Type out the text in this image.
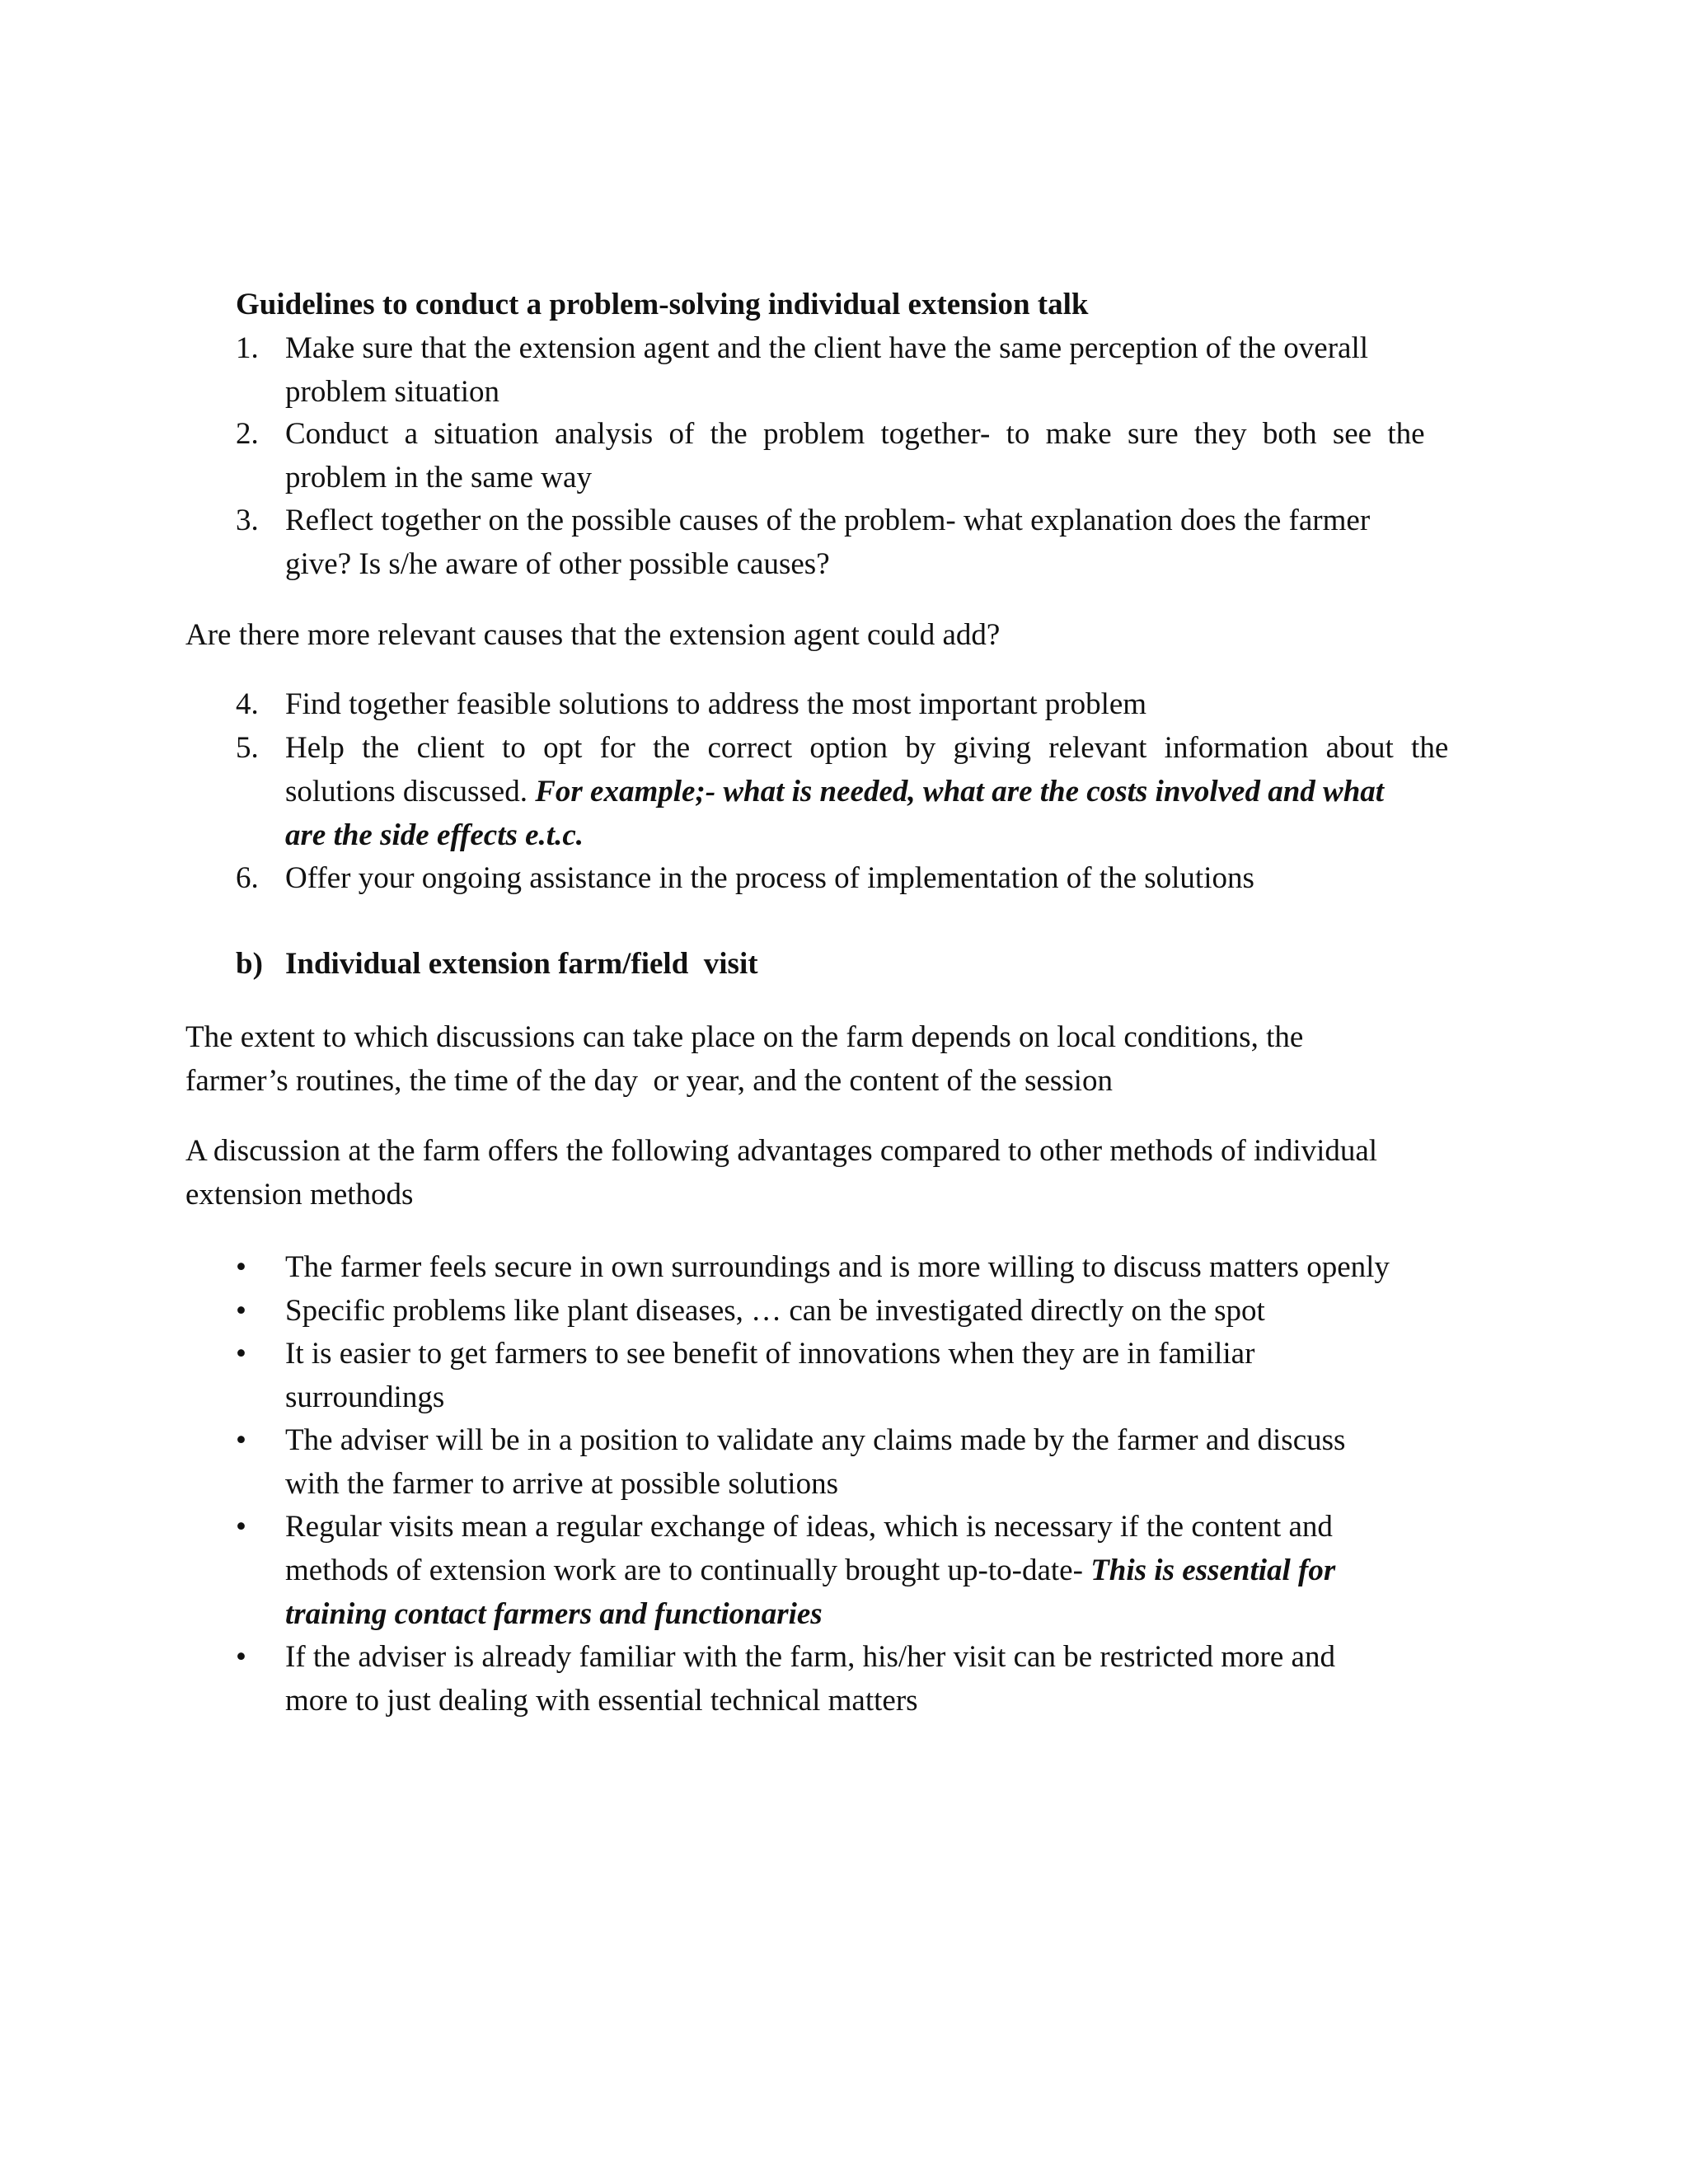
Guidelines to conduct a problem-solving individual extension talk
1. Make sure that the extension agent and the client have the same perception of the overall
problem situation
2. Conduct a situation analysis of the problem together- to make sure they both see the
problem in the same way
3. Reflect together on the possible causes of the problem- what explanation does the farmer
give? Is s/he aware of other possible causes?
Are there more relevant causes that the extension agent could add?
4. Find together feasible solutions to address the most important problem
5. Help the client to opt for the correct option by giving relevant information about the
solutions discussed. For example;- what is needed, what are the costs involved and what
are the side effects e.t.c.
6. Offer your ongoing assistance in the process of implementation of the solutions
b) Individual extension farm/field  visit
The extent to which discussions can take place on the farm depends on local conditions, the
farmer’s routines, the time of the day  or year, and the content of the session
A discussion at the farm offers the following advantages compared to other methods of individual
extension methods
• The farmer feels secure in own surroundings and is more willing to discuss matters openly
• Specific problems like plant diseases, … can be investigated directly on the spot
• It is easier to get farmers to see benefit of innovations when they are in familiar
surroundings
• The adviser will be in a position to validate any claims made by the farmer and discuss
with the farmer to arrive at possible solutions
• Regular visits mean a regular exchange of ideas, which is necessary if the content and
methods of extension work are to continually brought up-to-date- This is essential for
training contact farmers and functionaries
• If the adviser is already familiar with the farm, his/her visit can be restricted more and
more to just dealing with essential technical matters
